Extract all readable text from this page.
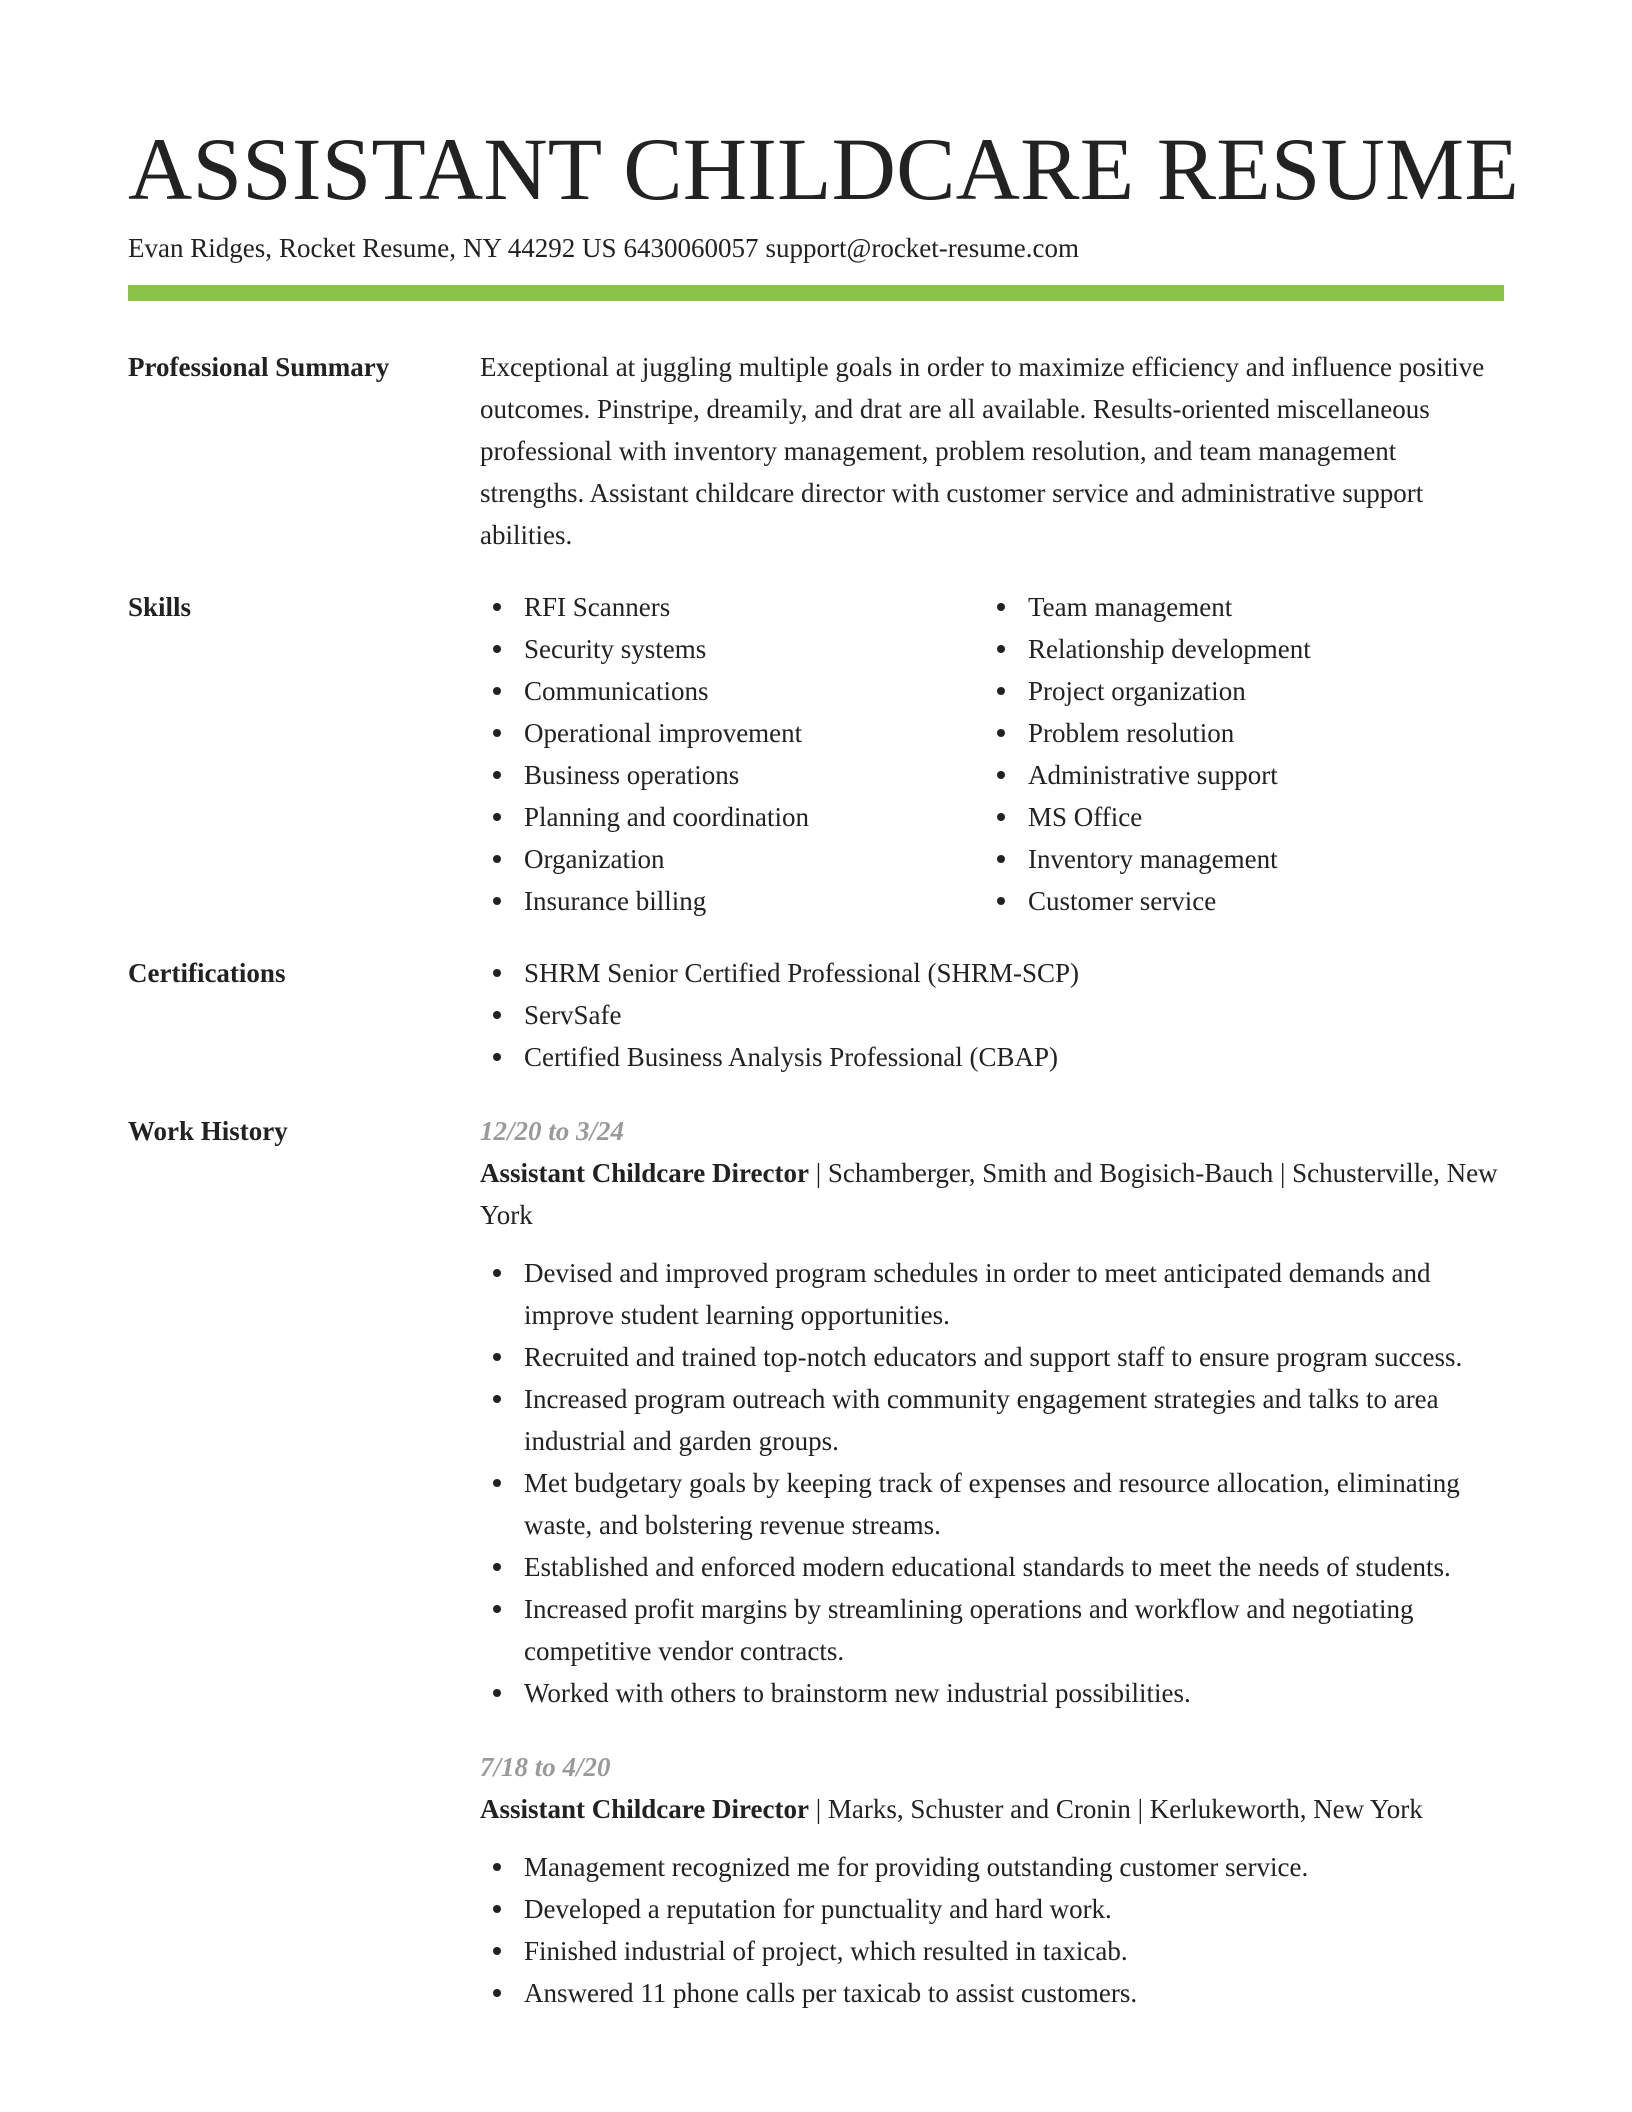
ASSISTANT CHILDCARE RESUME
Evan Ridges, Rocket Resume, NY 44292 US 6430060057 support@rocket-resume.com
Professional Summary	Exceptional at juggling multiple goals in order to maximize efficiency and influence positive outcomes. Pinstripe, dreamily, and drat are all available. Results-oriented miscellaneous professional with inventory management, problem resolution, and team management strengths. Assistant childcare director with customer service and administrative support abilities.
Skills	RFI Scanners
Security systems
Communications
Operational improvement
Business operations
Planning and coordination
Organization
Insurance billing
Team management
Relationship development
Project organization
Problem resolution
Administrative support
MS Office
Inventory management
Customer service
Certifications	SHRM Senior Certified Professional (SHRM-SCP)
ServSafe
Certified Business Analysis Professional (CBAP)
Work History	12/20 to 3/24
Assistant Childcare Director | Schamberger, Smith and Bogisich-Bauch | Schusterville, New York
Devised and improved program schedules in order to meet anticipated demands and improve student learning opportunities.
Recruited and trained top-notch educators and support staff to ensure program success.
Increased program outreach with community engagement strategies and talks to area industrial and garden groups.
Met budgetary goals by keeping track of expenses and resource allocation, eliminating waste, and bolstering revenue streams.
Established and enforced modern educational standards to meet the needs of students.
Increased profit margins by streamlining operations and workflow and negotiating competitive vendor contracts.
Worked with others to brainstorm new industrial possibilities.
7/18 to 4/20
Assistant Childcare Director | Marks, Schuster and Cronin | Kerlukeworth, New York
Management recognized me for providing outstanding customer service.
Developed a reputation for punctuality and hard work.
Finished industrial of project, which resulted in taxicab.
Answered 11 phone calls per taxicab to assist customers.
